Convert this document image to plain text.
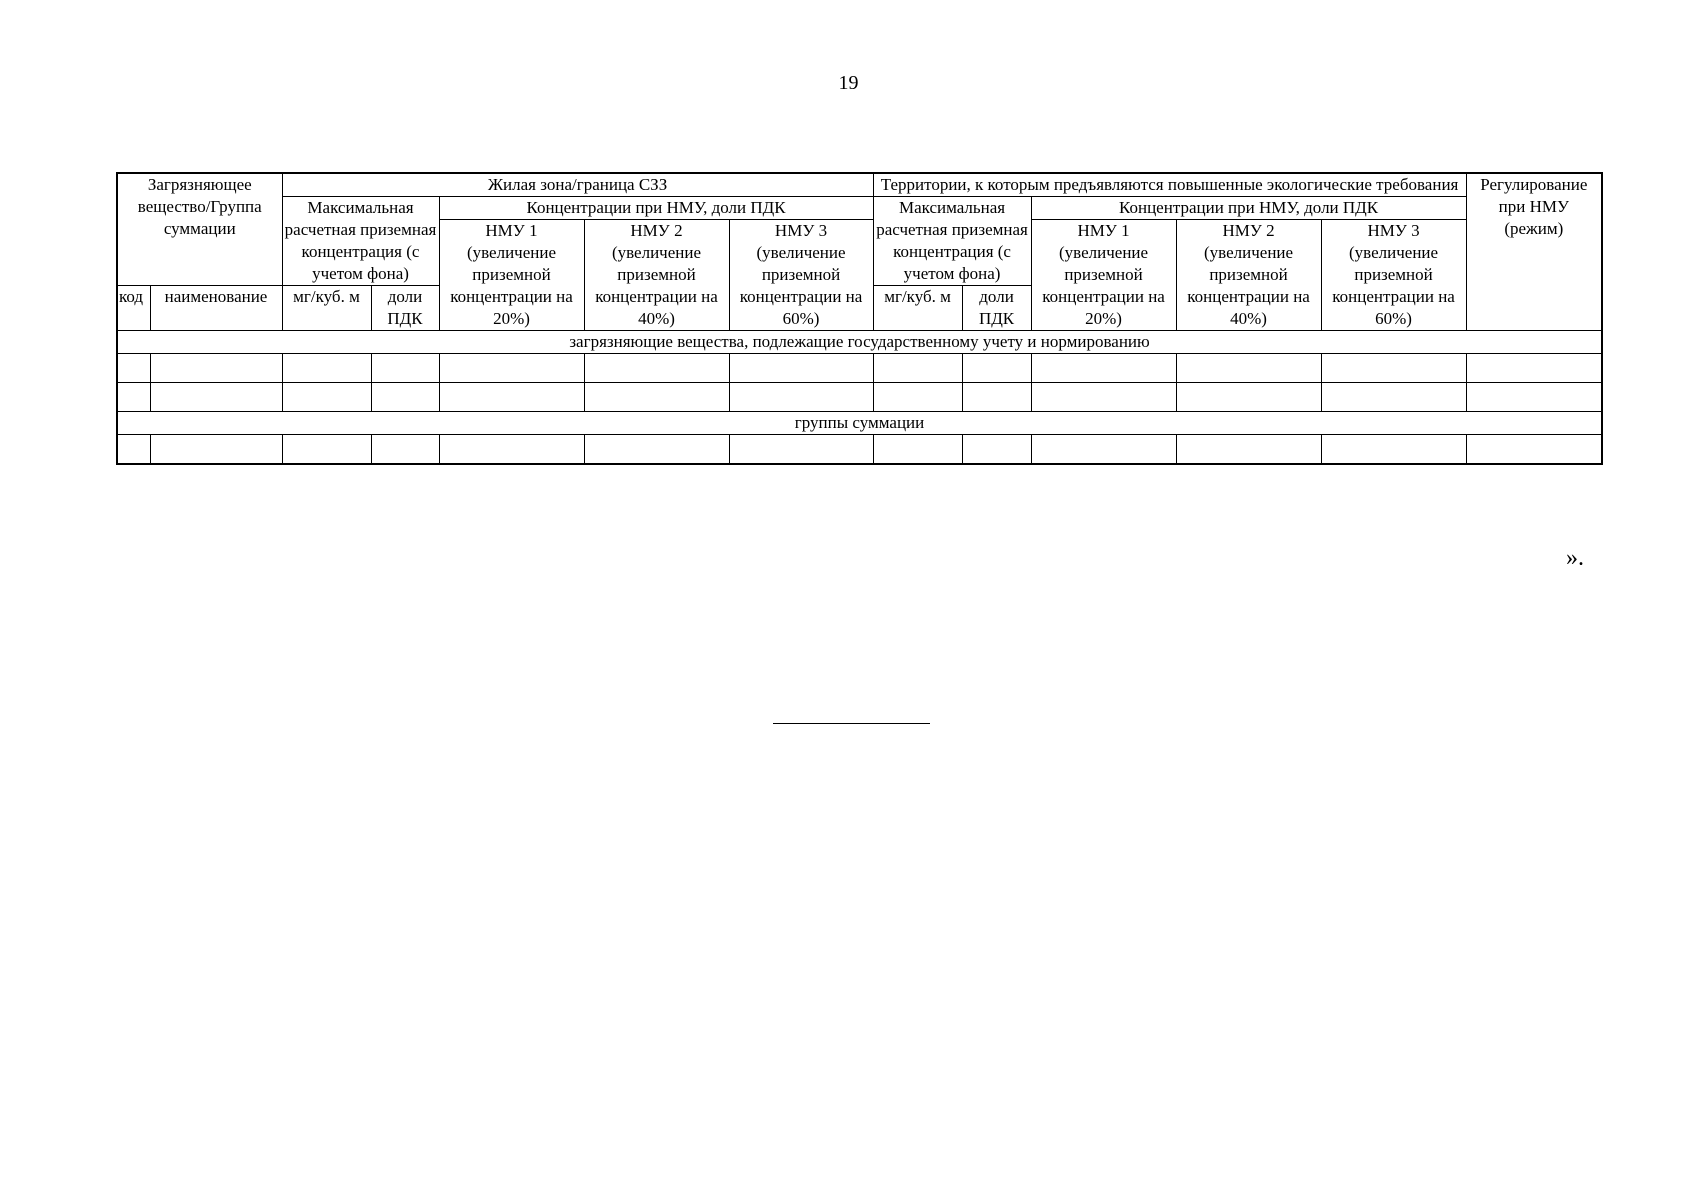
19
Загрязняющее вещество/Группа суммации		Жилая зона/граница СЗЗ					Территории, к которым предъявляются повышенные экологические требования					Регулирование при НМУ (режим)
		Максимальная расчетная приземная концентрация (с учетом фона)		Концентрации при НМУ, доли ПДК			Максимальная расчетная приземная концентрация (с учетом фона)		Концентрации при НМУ, доли ПДК			
				НМУ 1 (увеличение приземной концентрации на 20%)	НМУ 2 (увеличение приземной концентрации на 40%)	НМУ 3 (увеличение приземной концентрации на 60%)			НМУ 1 (увеличение приземной концентрации на 20%)	НМУ 2 (увеличение приземной концентрации на 40%)	НМУ 3 (увеличение приземной концентрации на 60%)	
код	наименование	мг/куб. м	доли ПДК				мг/куб. м	доли ПДК				
загрязняющие вещества, подлежащие государственному учету и нормированию												

группы суммации												

».
